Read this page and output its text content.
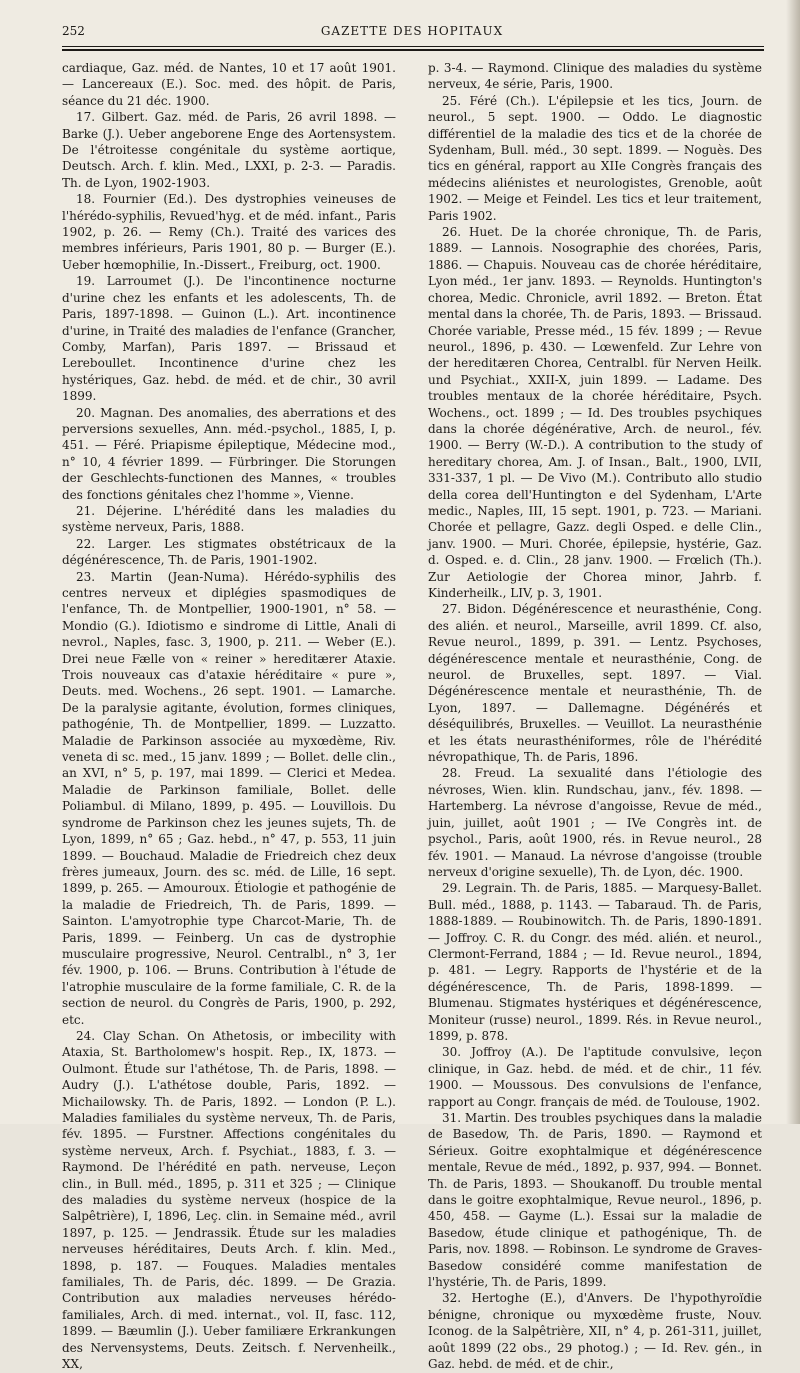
252	GAZETTE DES HOPITAUX

cardiaque, Gaz. méd. de Nantes, 10 et 17 août 1901. — Lancereaux (E.). Soc. med. des hôpit. de Paris, séance du 21 déc. 1900.

17. Gilbert. Gaz. méd. de Paris, 26 avril 1898. — Barke (J.). Ueber angeborene Enge des Aortensystem. De l'étroitesse congénitale du système aortique, Deutsch. Arch. f. klin. Med., LXXI, p. 2-3. — Paradis. Th. de Lyon, 1902-1903.

18. Fournier (Ed.). Des dystrophies veineuses de l'hérédo-syphilis, Revued'hyg. et de méd. infant., Paris 1902, p. 26. — Remy (Ch.). Traité des varices des membres inférieurs, Paris 1901, 80 p. — Burger (E.). Ueber hœmophilie, In.-Dissert., Freiburg, oct. 1900.

19. Larroumet (J.). De l'incontinence nocturne d'urine chez les enfants et les adolescents, Th. de Paris, 1897-1898. — Guinon (L.). Art. incontinence d'urine, in Traité des maladies de l'enfance (Grancher, Comby, Marfan), Paris 1897. — Brissaud et Lereboullet. Incontinence d'urine chez les hystériques, Gaz. hebd. de méd. et de chir., 30 avril 1899.

20. Magnan. Des anomalies, des aberrations et des perversions sexuelles, Ann. méd.-psychol., 1885, I, p. 451. — Féré. Priapisme épileptique, Médecine mod., n° 10, 4 février 1899. — Fürbringer. Die Storungen der Geschlechts-functionen des Mannes, « troubles des fonctions génitales chez l'homme », Vienne.

21. Déjerine. L'hérédité dans les maladies du système nerveux, Paris, 1888.

22. Larger. Les stigmates obstétricaux de la dégénérescence, Th. de Paris, 1901-1902.

23. Martin (Jean-Numa). Hérédo-syphilis des centres nerveux et diplégies spasmodiques de l'enfance, Th. de Montpellier, 1900-1901, n° 58. — Mondio (G.). Idiotismo e sindrome di Little, Anali di nevrol., Naples, fasc. 3, 1900, p. 211. — Weber (E.). Drei neue Fælle von « reiner » hereditærer Ataxie. Trois nouveaux cas d'ataxie héréditaire « pure », Deuts. med. Wochens., 26 sept. 1901. — Lamarche. De la paralysie agitante, évolution, formes cliniques, pathogénie, Th. de Montpellier, 1899. — Luzzatto. Maladie de Parkinson associée au myxœdème, Riv. veneta di sc. med., 15 janv. 1899 ; — Bollet. delle clin., an XVI, n° 5, p. 197, mai 1899. — Clerici et Medea. Maladie de Parkinson familiale, Bollet. delle Poliambul. di Milano, 1899, p. 495. — Louvillois. Du syndrome de Parkinson chez les jeunes sujets, Th. de Lyon, 1899, n° 65 ; Gaz. hebd., n° 47, p. 553, 11 juin 1899. — Bouchaud. Maladie de Friedreich chez deux frères jumeaux, Journ. des sc. méd. de Lille, 16 sept. 1899, p. 265. — Amouroux. Étiologie et pathogénie de la maladie de Friedreich, Th. de Paris, 1899. — Sainton. L'amyotrophie type Charcot-Marie, Th. de Paris, 1899. — Feinberg. Un cas de dystrophie musculaire progressive, Neurol. Centralbl., n° 3, 1er fév. 1900, p. 106. — Bruns. Contribution à l'étude de l'atrophie musculaire de la forme familiale, C. R. de la section de neurol. du Congrès de Paris, 1900, p. 292, etc.

24. Clay Schan. On Athetosis, or imbecility with Ataxia, St. Bartholomew's hospit. Rep., IX, 1873. — Oulmont. Étude sur l'athétose, Th. de Paris, 1898. — Audry (J.). L'athétose double, Paris, 1892. — Michailowsky. Th. de Paris, 1892. — London (P. L.). Maladies familiales du système nerveux, Th. de Paris, fév. 1895. — Furstner. Affections congénitales du système nerveux, Arch. f. Psychiat., 1883, f. 3. — Raymond. De l'hérédité en path. nerveuse, Leçon clin., in Bull. méd., 1895, p. 311 et 325 ; — Clinique des maladies du système nerveux (hospice de la Salpêtrière), I, 1896, Leç. clin. in Semaine méd., avril 1897, p. 125. — Jendrassik. Étude sur les maladies nerveuses héréditaires, Deuts Arch. f. klin. Med., 1898, p. 187. — Fouques. Maladies mentales familiales, Th. de Paris, déc. 1899. — De Grazia. Contribution aux maladies nerveuses hérédo-familiales, Arch. di med. internat., vol. II, fasc. 112, 1899. — Bæumlin (J.). Ueber familiære Erkrankungen des Nervensystems, Deuts. Zeitsch. f. Nervenheilk., XX,

p. 3-4. — Raymond. Clinique des maladies du système nerveux, 4e série, Paris, 1900.

25. Féré (Ch.). L'épilepsie et les tics, Journ. de neurol., 5 sept. 1900. — Oddo. Le diagnostic différentiel de la maladie des tics et de la chorée de Sydenham, Bull. méd., 30 sept. 1899. — Noguès. Des tics en général, rapport au XIIe Congrès français des médecins aliénistes et neurologistes, Grenoble, août 1902. — Meige et Feindel. Les tics et leur traitement, Paris 1902.

26. Huet. De la chorée chronique, Th. de Paris, 1889. — Lannois. Nosographie des chorées, Paris, 1886. — Chapuis. Nouveau cas de chorée héréditaire, Lyon méd., 1er janv. 1893. — Reynolds. Huntington's chorea, Medic. Chronicle, avril 1892. — Breton. État mental dans la chorée, Th. de Paris, 1893. — Brissaud. Chorée variable, Presse méd., 15 fév. 1899 ; — Revue neurol., 1896, p. 430. — Lœwenfeld. Zur Lehre von der hereditæren Chorea, Centralbl. für Nerven Heilk. und Psychiat., XXII-X, juin 1899. — Ladame. Des troubles mentaux de la chorée héréditaire, Psych. Wochens., oct. 1899 ; — Id. Des troubles psychiques dans la chorée dégénérative, Arch. de neurol., fév. 1900. — Berry (W.-D.). A contribution to the study of hereditary chorea, Am. J. of Insan., Balt., 1900, LVII, 331-337, 1 pl. — De Vivo (M.). Contributo allo studio della corea dell'Huntington e del Sydenham, L'Arte medic., Naples, III, 15 sept. 1901, p. 723. — Mariani. Chorée et pellagre, Gazz. degli Osped. e delle Clin., janv. 1900. — Muri. Chorée, épilepsie, hystérie, Gaz. d. Osped. e. d. Clin., 28 janv. 1900. — Frœlich (Th.). Zur Aetiologie der Chorea minor, Jahrb. f. Kinderheilk., LIV, p. 3, 1901.

27. Bidon. Dégénérescence et neurasthénie, Cong. des alién. et neurol., Marseille, avril 1899. Cf. also, Revue neurol., 1899, p. 391. — Lentz. Psychoses, dégénérescence mentale et neurasthénie, Cong. de neurol. de Bruxelles, sept. 1897. — Vial. Dégénérescence mentale et neurasthénie, Th. de Lyon, 1897. — Dallemagne. Dégénérés et déséquilibrés, Bruxelles. — Veuillot. La neurasthénie et les états neurasthéniformes, rôle de l'hérédité névropathique, Th. de Paris, 1896.

28. Freud. La sexualité dans l'étiologie des névroses, Wien. klin. Rundschau, janv., fév. 1898. — Hartemberg. La névrose d'angoisse, Revue de méd., juin, juillet, août 1901 ; — IVe Congrès int. de psychol., Paris, août 1900, rés. in Revue neurol., 28 fév. 1901. — Manaud. La névrose d'angoisse (trouble nerveux d'origine sexuelle), Th. de Lyon, déc. 1900.

29. Legrain. Th. de Paris, 1885. — Marquesy-Ballet. Bull. méd., 1888, p. 1143. — Tabaraud. Th. de Paris, 1888-1889. — Roubinowitch. Th. de Paris, 1890-1891. — Joffroy. C. R. du Congr. des méd. alién. et neurol., Clermont-Ferrand, 1884 ; — Id. Revue neurol., 1894, p. 481. — Legry. Rapports de l'hystérie et de la dégénérescence, Th. de Paris, 1898-1899. — Blumenau. Stigmates hystériques et dégénérescence, Moniteur (russe) neurol., 1899. Rés. in Revue neurol., 1899, p. 878.

30. Joffroy (A.). De l'aptitude convulsive, leçon clinique, in Gaz. hebd. de méd. et de chir., 11 fév. 1900. — Moussous. Des convulsions de l'enfance, rapport au Congr. français de méd. de Toulouse, 1902.

31. Martin. Des troubles psychiques dans la maladie de Basedow, Th. de Paris, 1890. — Raymond et Sérieux. Goitre exophtalmique et dégénérescence mentale, Revue de méd., 1892, p. 937, 994. — Bonnet. Th. de Paris, 1893. — Shoukanoff. Du trouble mental dans le goitre exophtalmique, Revue neurol., 1896, p. 450, 458. — Gayme (L.). Essai sur la maladie de Basedow, étude clinique et pathogénique, Th. de Paris, nov. 1898. — Robinson. Le syndrome de Graves-Basedow considéré comme manifestation de l'hystérie, Th. de Paris, 1899.

32. Hertoghe (E.), d'Anvers. De l'hypothyroïdie bénigne, chronique ou myxœdème fruste, Nouv. Iconog. de la Salpêtrière, XII, n° 4, p. 261-311, juillet, août 1899 (22 obs., 29 photog.) ; — Id. Rev. gén., in Gaz. hebd. de méd. et de chir.,
